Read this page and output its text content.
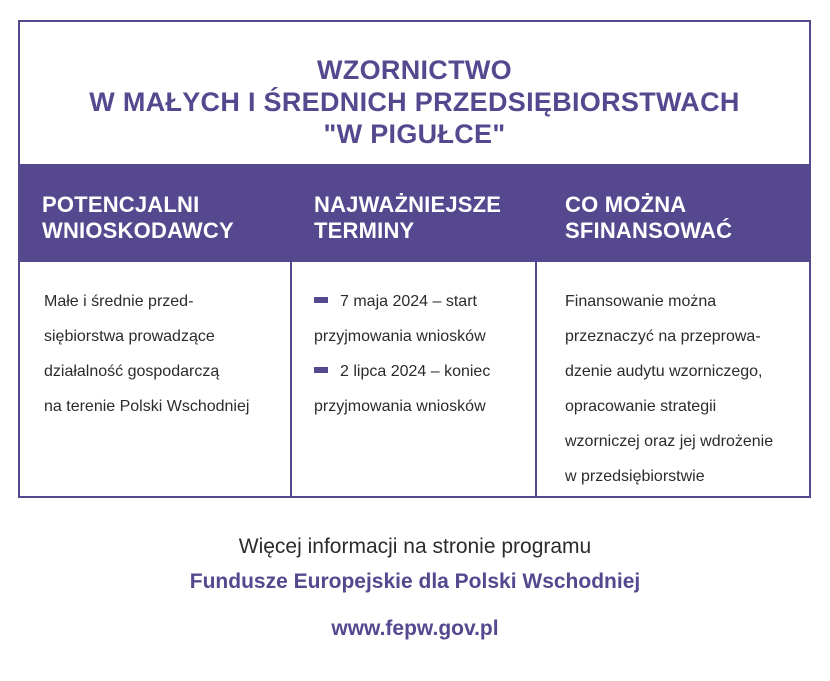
WZORNICTWO
W MAŁYCH I ŚREDNICH PRZEDSIĘBIORSTWACH
"W PIGUŁCE"
POTENCJALNI
WNIOSKODAWCY
NAJWAŻNIEJSZE
TERMINY
CO MOŻNA
SFINANSOWAĆ
Małe i średnie przed-
siębiorstwa prowadzące
działalność gospodarczą
na terenie Polski Wschodniej
7 maja 2024 – start
przyjmowania wniosków
2 lipca 2024 – koniec
przyjmowania wniosków
Finansowanie można
przeznaczyć na przeprowa-
dzenie audytu wzorniczego,
opracowanie strategii
wzorniczej oraz jej wdrożenie
w przedsiębiorstwie
Więcej informacji na stronie programu
Fundusze Europejskie dla Polski Wschodniej
www.fepw.gov.pl
